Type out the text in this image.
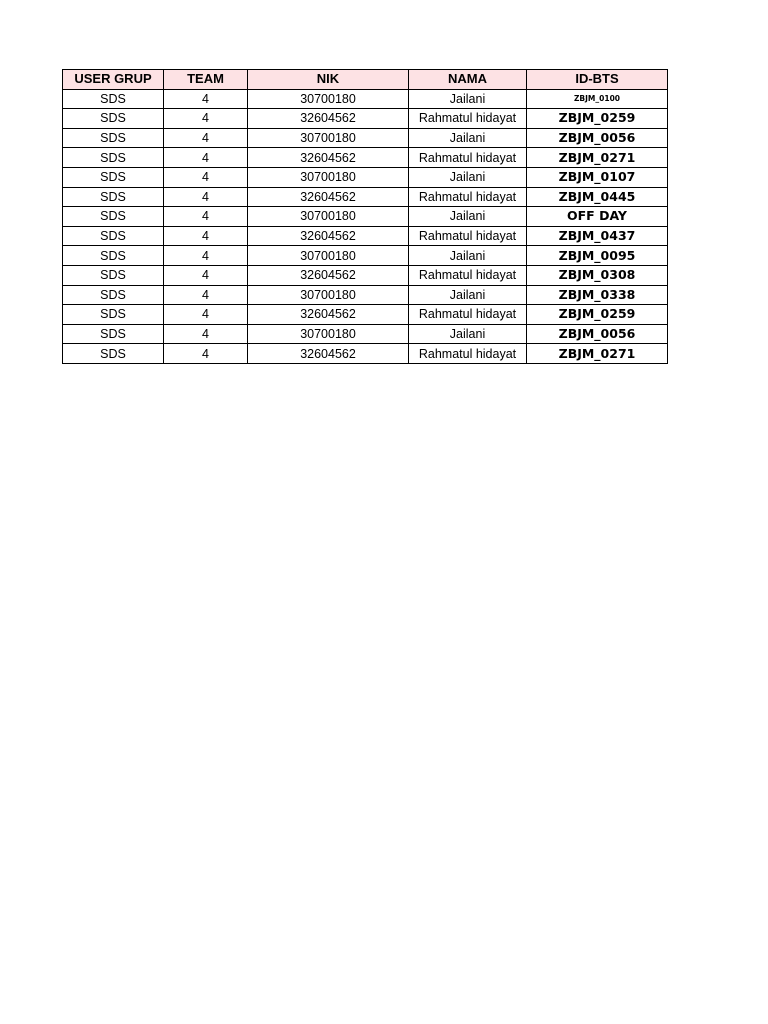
USER GRUP	TEAM	NIK	NAMA	ID-BTS
SDS	4	30700180	Jailani	ZBJM_0100
SDS	4	32604562	Rahmatul hidayat	ZBJM_0259
SDS	4	30700180	Jailani	ZBJM_0056
SDS	4	32604562	Rahmatul hidayat	ZBJM_0271
SDS	4	30700180	Jailani	ZBJM_0107
SDS	4	32604562	Rahmatul hidayat	ZBJM_0445
SDS	4	30700180	Jailani	OFF DAY
SDS	4	32604562	Rahmatul hidayat	ZBJM_0437
SDS	4	30700180	Jailani	ZBJM_0095
SDS	4	32604562	Rahmatul hidayat	ZBJM_0308
SDS	4	30700180	Jailani	ZBJM_0338
SDS	4	32604562	Rahmatul hidayat	ZBJM_0259
SDS	4	30700180	Jailani	ZBJM_0056
SDS	4	32604562	Rahmatul hidayat	ZBJM_0271
